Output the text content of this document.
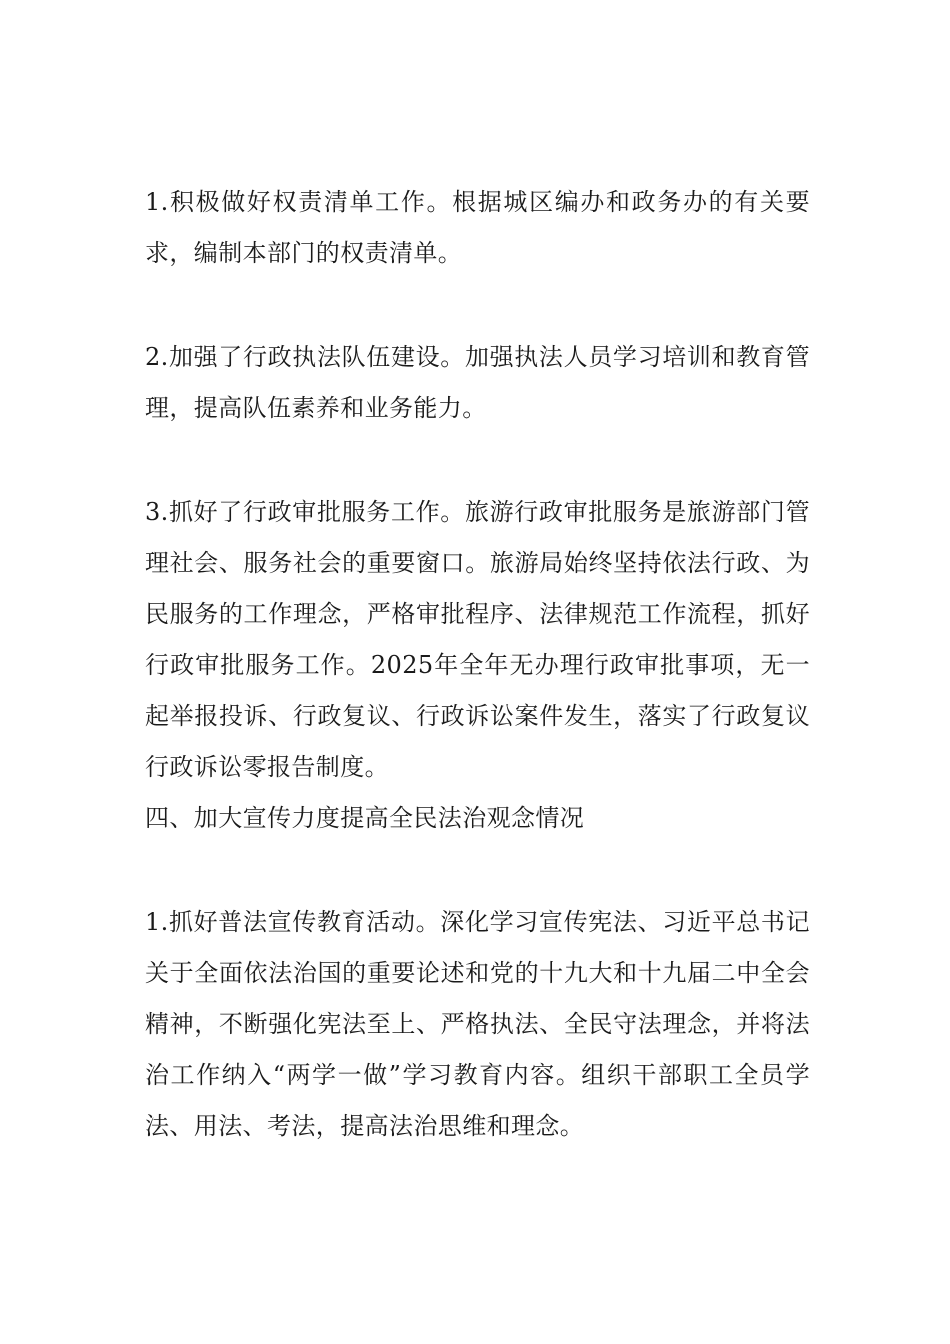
1.积极做好权责清单工作。根据城区编办和政务办的有关要求，编制本部门的权责清单。

2.加强了行政执法队伍建设。加强执法人员学习培训和教育管理，提高队伍素养和业务能力。

3.抓好了行政审批服务工作。旅游行政审批服务是旅游部门管理社会、服务社会的重要窗口。旅游局始终坚持依法行政、为民服务的工作理念，严格审批程序、法律规范工作流程，抓好行政审批服务工作。2025年全年无办理行政审批事项，无一起举报投诉、行政复议、行政诉讼案件发生，落实了行政复议行政诉讼零报告制度。

四、加大宣传力度提高全民法治观念情况

1.抓好普法宣传教育活动。深化学习宣传宪法、习近平总书记关于全面依法治国的重要论述和党的十九大和十九届二中全会精神，不断强化宪法至上、严格执法、全民守法理念，并将法治工作纳入“两学一做”学习教育内容。组织干部职工全员学法、用法、考法，提高法治思维和理念。
